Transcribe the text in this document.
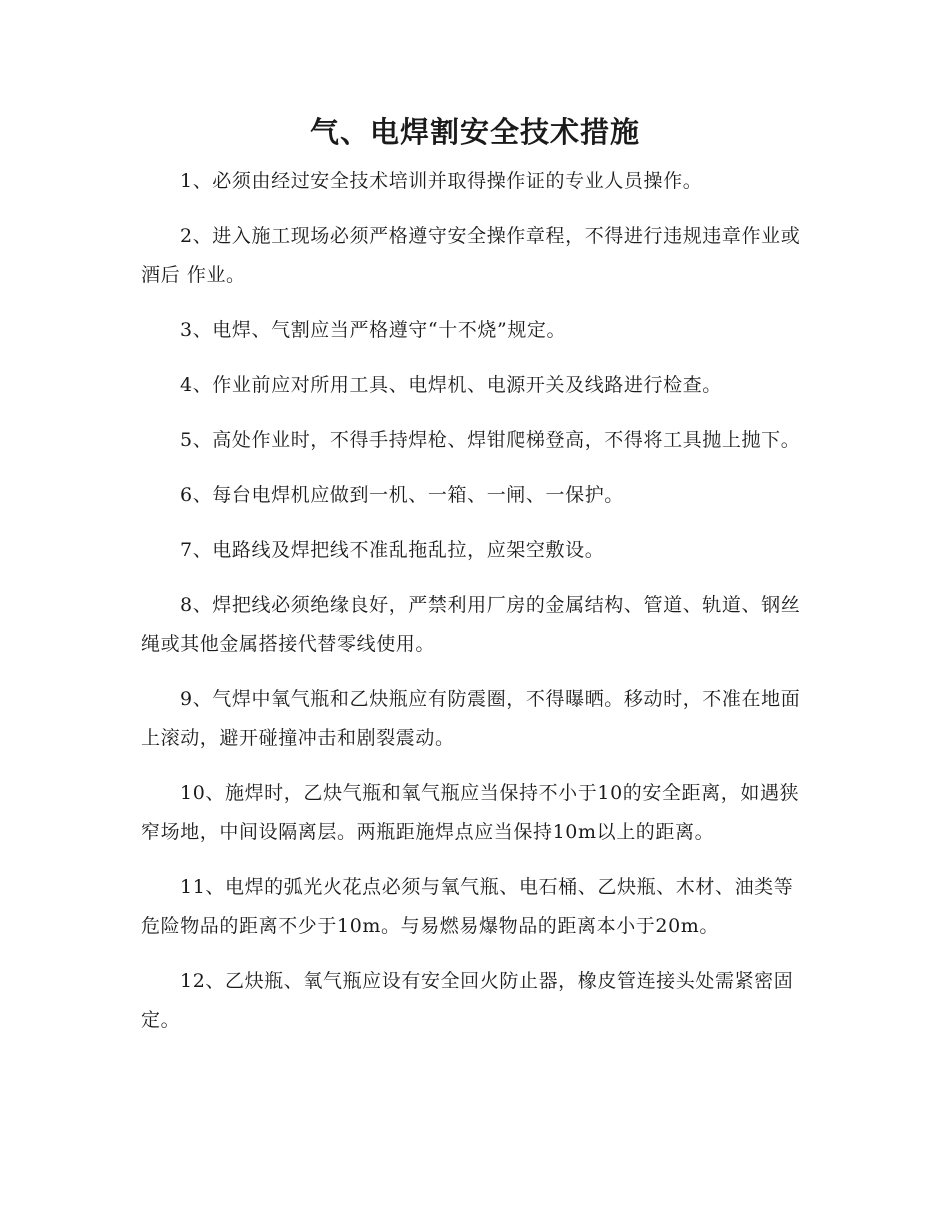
气、电焊割安全技术措施

1、必须由经过安全技术培训并取得操作证的专业人员操作。

2、进入施工现场必须严格遵守安全操作章程，不得进行违规违章作业或酒后 作业。

3、电焊、气割应当严格遵守“十不烧”规定。

4、作业前应对所用工具、电焊机、电源开关及线路进行检查。

5、高处作业时，不得手持焊枪、焊钳爬梯登高，不得将工具抛上抛下。

6、每台电焊机应做到一机、一箱、一闸、一保护。

7、电路线及焊把线不准乱拖乱拉，应架空敷设。

8、焊把线必须绝缘良好，严禁利用厂房的金属结构、管道、轨道、钢丝绳或其他金属搭接代替零线使用。

9、气焊中氧气瓶和乙炔瓶应有防震圈，不得曝晒。移动时，不准在地面上滚动，避开碰撞冲击和剧裂震动。

10、施焊时，乙炔气瓶和氧气瓶应当保持不小于10的安全距离，如遇狭窄场地，中间设隔离层。两瓶距施焊点应当保持10m以上的距离。

11、电焊的弧光火花点必须与氧气瓶、电石桶、乙炔瓶、木材、油类等危险物品的距离不少于10m。与易燃易爆物品的距离本小于20m。

12、乙炔瓶、氧气瓶应设有安全回火防止器，橡皮管连接头处需紧密固定。
